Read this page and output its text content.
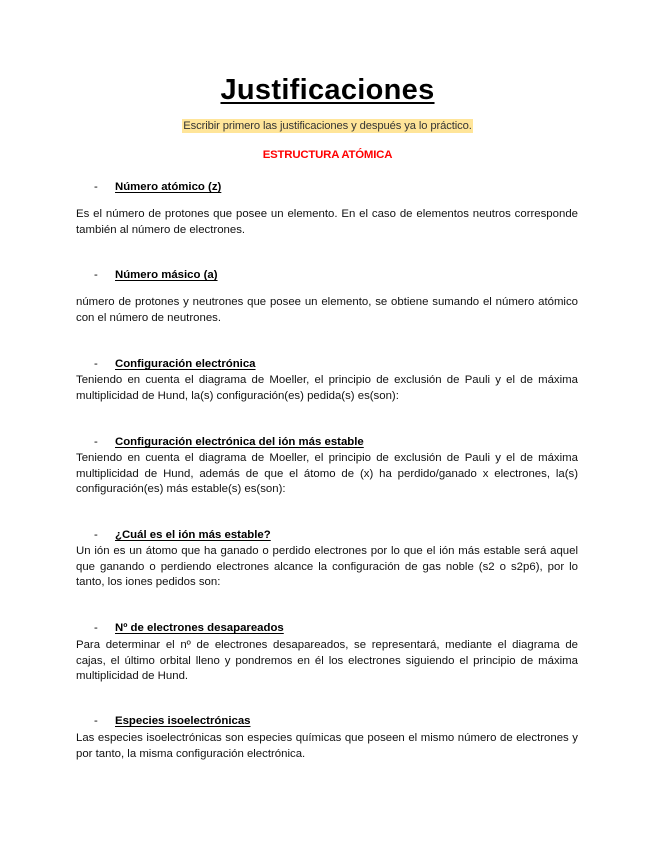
Justificaciones
Escribir primero las justificaciones y después ya lo práctico.
ESTRUCTURA ATÓMICA
-	Número atómico (z)
Es el número de protones que posee un elemento. En el caso de elementos neutros corresponde también al número de electrones.
-	Número másico (a)
número de protones y neutrones que posee un elemento, se obtiene sumando el número atómico con el número de neutrones.
-	Configuración electrónica
Teniendo en cuenta el diagrama de Moeller, el principio de exclusión de Pauli y el de máxima multiplicidad de Hund, la(s) configuración(es) pedida(s) es(son):
-	Configuración electrónica del ión más estable
Teniendo en cuenta el diagrama de Moeller, el principio de exclusión de Pauli y el de máxima multiplicidad de Hund, además de que el átomo de (x) ha perdido/ganado x electrones, la(s) configuración(es) más estable(s) es(son):
-	¿Cuál es el ión más estable?
Un ión es un átomo que ha ganado o perdido electrones por lo que el ión más estable será aquel que ganando o perdiendo electrones alcance la configuración de gas noble (s2 o s2p6), por lo tanto, los iones pedidos son:
-	Nº de electrones desapareados
Para determinar el nº de electrones desapareados, se representará, mediante el diagrama de cajas, el último orbital lleno y pondremos en él los electrones siguiendo el principio de máxima multiplicidad de Hund.
-	Especies isoelectrónicas
Las especies isoelectrónicas son especies químicas que poseen el mismo número de electrones y por tanto, la misma configuración electrónica.
